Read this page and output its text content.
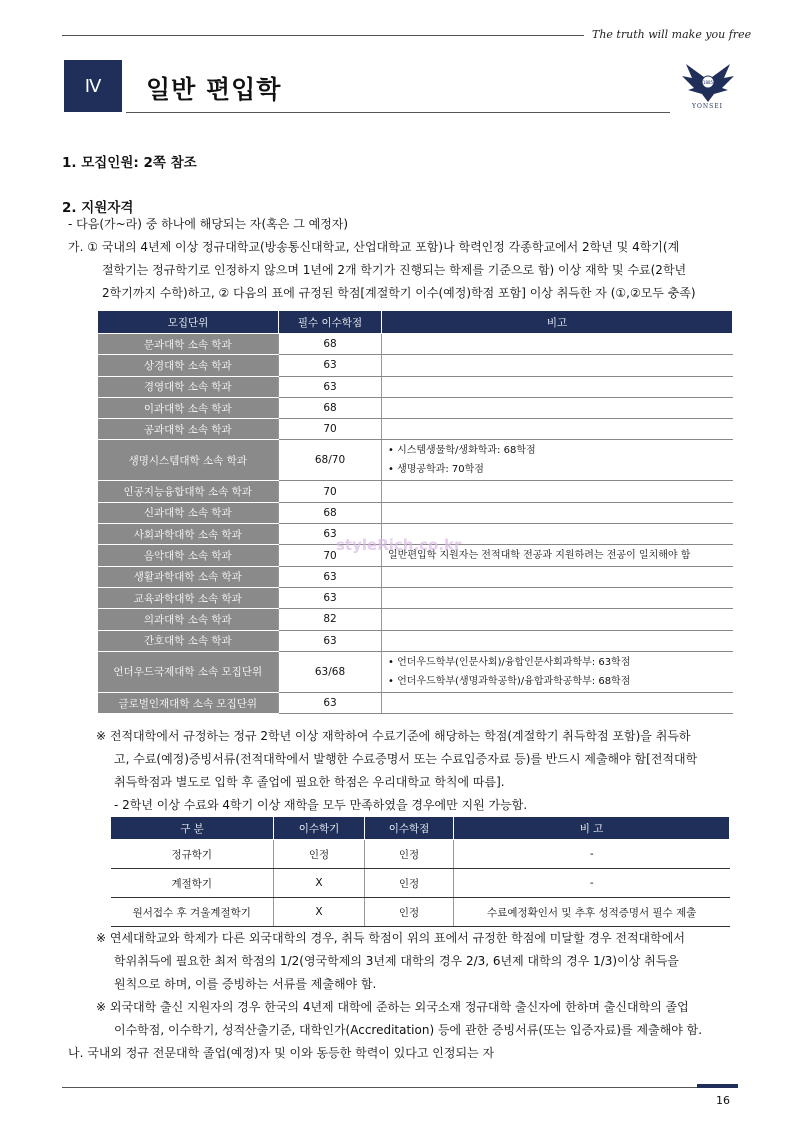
The truth will make you free
Ⅳ	일반 편입학	1885
YONSEI
1. 모집인원: 2쪽 참조
2. 지원자격
- 다음(가~라) 중 하나에 해당되는 자(혹은 그 예정자)
가. ① 국내의 4년제 이상 정규대학교(방송통신대학교, 산업대학교 포함)나 학력인정 각종학교에서 2학년 및 4학기(계
절학기는 정규학기로 인정하지 않으며 1년에 2개 학기가 진행되는 학제를 기준으로 함) 이상 재학 및 수료(2학년
2학기까지 수학)하고, ② 다음의 표에 규정된 학점[계절학기 이수(예정)학점 포함] 이상 취득한 자 (①,②모두 충족)
모집단위	필수 이수학점	비고
문과대학 소속 학과	68	
상경대학 소속 학과	63	
경영대학 소속 학과	63	
이과대학 소속 학과	68	
공과대학 소속 학과	70	
생명시스템대학 소속 학과	68/70	• 시스템생물학/생화학과: 68학점
• 생명공학과: 70학점

인공지능융합대학 소속 학과	70	
신과대학 소속 학과	68	
사회과학대학 소속 학과	63	
음악대학 소속 학과	70	일반편입학 지원자는 전적대학 전공과 지원하려는 전공이 일치해야 함

생활과학대학 소속 학과	63	
교육과학대학 소속 학과	63	
의과대학 소속 학과	82	
간호대학 소속 학과	63	
언더우드국제대학 소속 모집단위	63/68	• 언더우드학부(인문사회)/융합인문사회과학부: 63학점
• 언더우드학부(생명과학공학)/융합과학공학부: 68학점

글로벌인재대학 소속 모집단위	63	
styleRich.co.kr
※ 전적대학에서 규정하는 정규 2학년 이상 재학하여 수료기준에 해당하는 학점(계절학기 취득학점 포함)을 취득하
고, 수료(예정)증빙서류(전적대학에서 발행한 수료증명서 또는 수료입증자료 등)를 반드시 제출해야 함[전적대학
취득학점과 별도로 입학 후 졸업에 필요한 학점은 우리대학교 학칙에 따름].
- 2학년 이상 수료와 4학기 이상 재학을 모두 만족하였을 경우에만 지원 가능함.
구 분	이수학기	이수학점	비 고
정규학기	인정	인정	-
계절학기	X	인정	-
원서접수 후 겨울계절학기	X	인정	수료예정확인서 및 추후 성적증명서 필수 제출
※ 연세대학교와 학제가 다른 외국대학의 경우, 취득 학점이 위의 표에서 규정한 학점에 미달할 경우 전적대학에서
학위취득에 필요한 최저 학점의 1/2(영국학제의 3년제 대학의 경우 2/3, 6년제 대학의 경우 1/3)이상 취득을
원칙으로 하며, 이를 증빙하는 서류를 제출해야 함.
※ 외국대학 출신 지원자의 경우 한국의 4년제 대학에 준하는 외국소재 정규대학 출신자에 한하며 출신대학의 졸업
이수학점, 이수학기, 성적산출기준, 대학인가(Accreditation) 등에 관한 증빙서류(또는 입증자료)를 제출해야 함.
나. 국내외 정규 전문대학 졸업(예정)자 및 이와 동등한 학력이 있다고 인정되는 자
16
